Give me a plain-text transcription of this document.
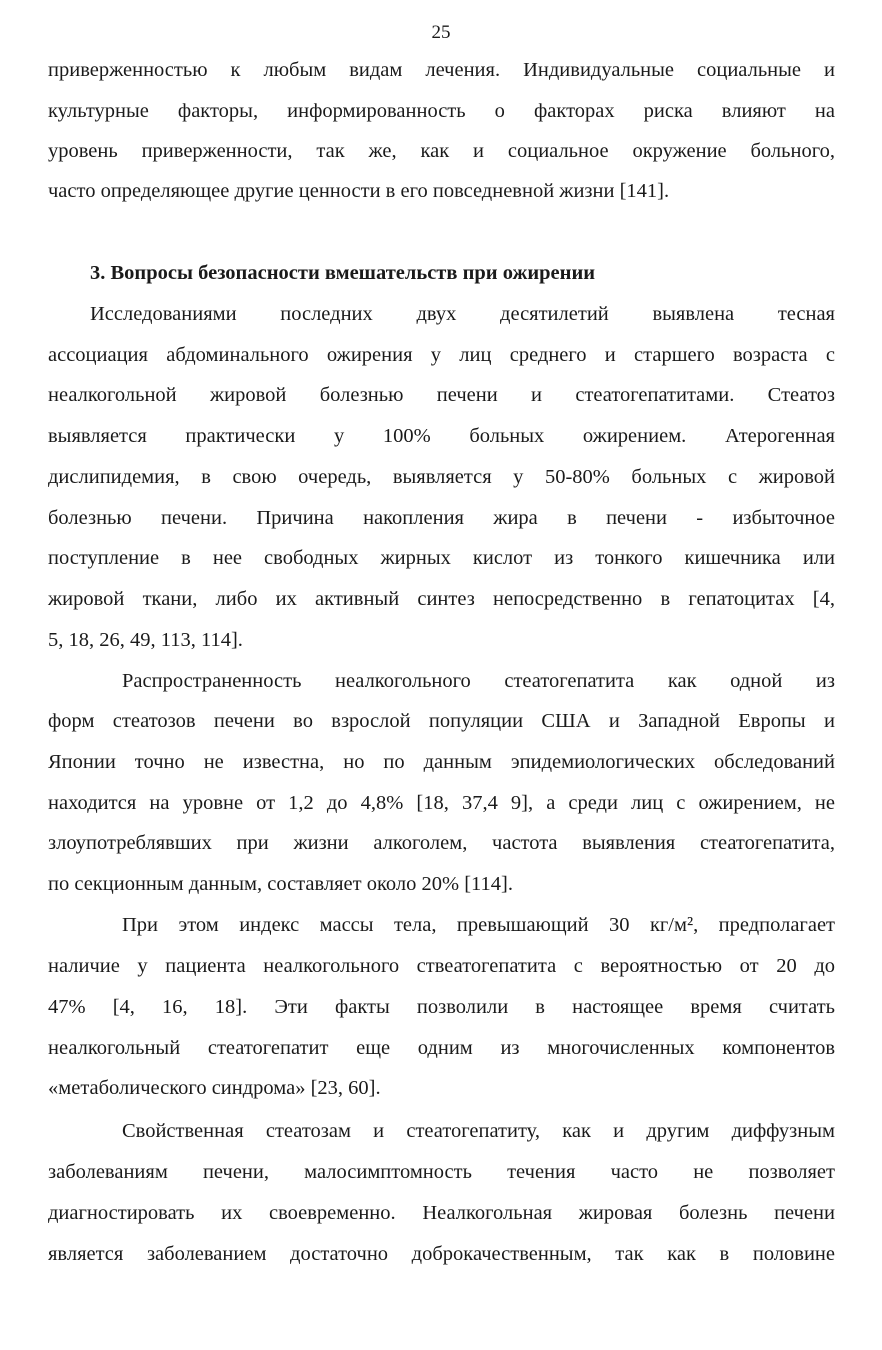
25
приверженностью к любым видам лечения. Индивидуальные социальные и
культурные факторы, информированность о факторах риска влияют на
уровень приверженности, так же, как и социальное окружение больного,
часто определяющее другие ценности в его повседневной жизни [141].
3. Вопросы безопасности вмешательств при ожирении
Исследованиями последних двух десятилетий выявлена тесная
ассоциация абдоминального ожирения у лиц среднего и старшего возраста с
неалкогольной жировой болезнью печени и стеатогепатитами. Стеатоз
выявляется практически у 100% больных ожирением. Атерогенная
дислипидемия, в свою очередь, выявляется у 50-80% больных с жировой
болезнью печени. Причина накопления жира в печени - избыточное
поступление в нее свободных жирных кислот из тонкого кишечника или
жировой ткани, либо их активный синтез непосредственно в гепатоцитах [4,
5, 18, 26, 49, 113, 114].
Распространенность неалкогольного стеатогепатита как одной из
форм стеатозов печени во взрослой популяции США и Западной Европы и
Японии точно не известна, но по данным эпидемиологических обследований
находится на уровне от 1,2 до 4,8% [18, 37,4 9], а среди лиц с ожирением, не
злоупотреблявших при жизни алкоголем, частота выявления стеатогепатита,
по секционным данным, составляет около 20% [114].
При этом индекс массы тела, превышающий 30 кг/м², предполагает
наличие у пациента неалкогольного ствеатогепатита с вероятностью от 20 до
47% [4, 16, 18]. Эти факты позволили в настоящее время считать
неалкогольный стеатогепатит еще одним из многочисленных компонентов
«метаболического синдрома» [23, 60].
Свойственная стеатозам и стеатогепатиту, как и другим диффузным
заболеваниям печени, малосимптомность течения часто не позволяет
диагностировать их своевременно. Неалкогольная жировая болезнь печени
является заболеванием достаточно доброкачественным, так как в половине
